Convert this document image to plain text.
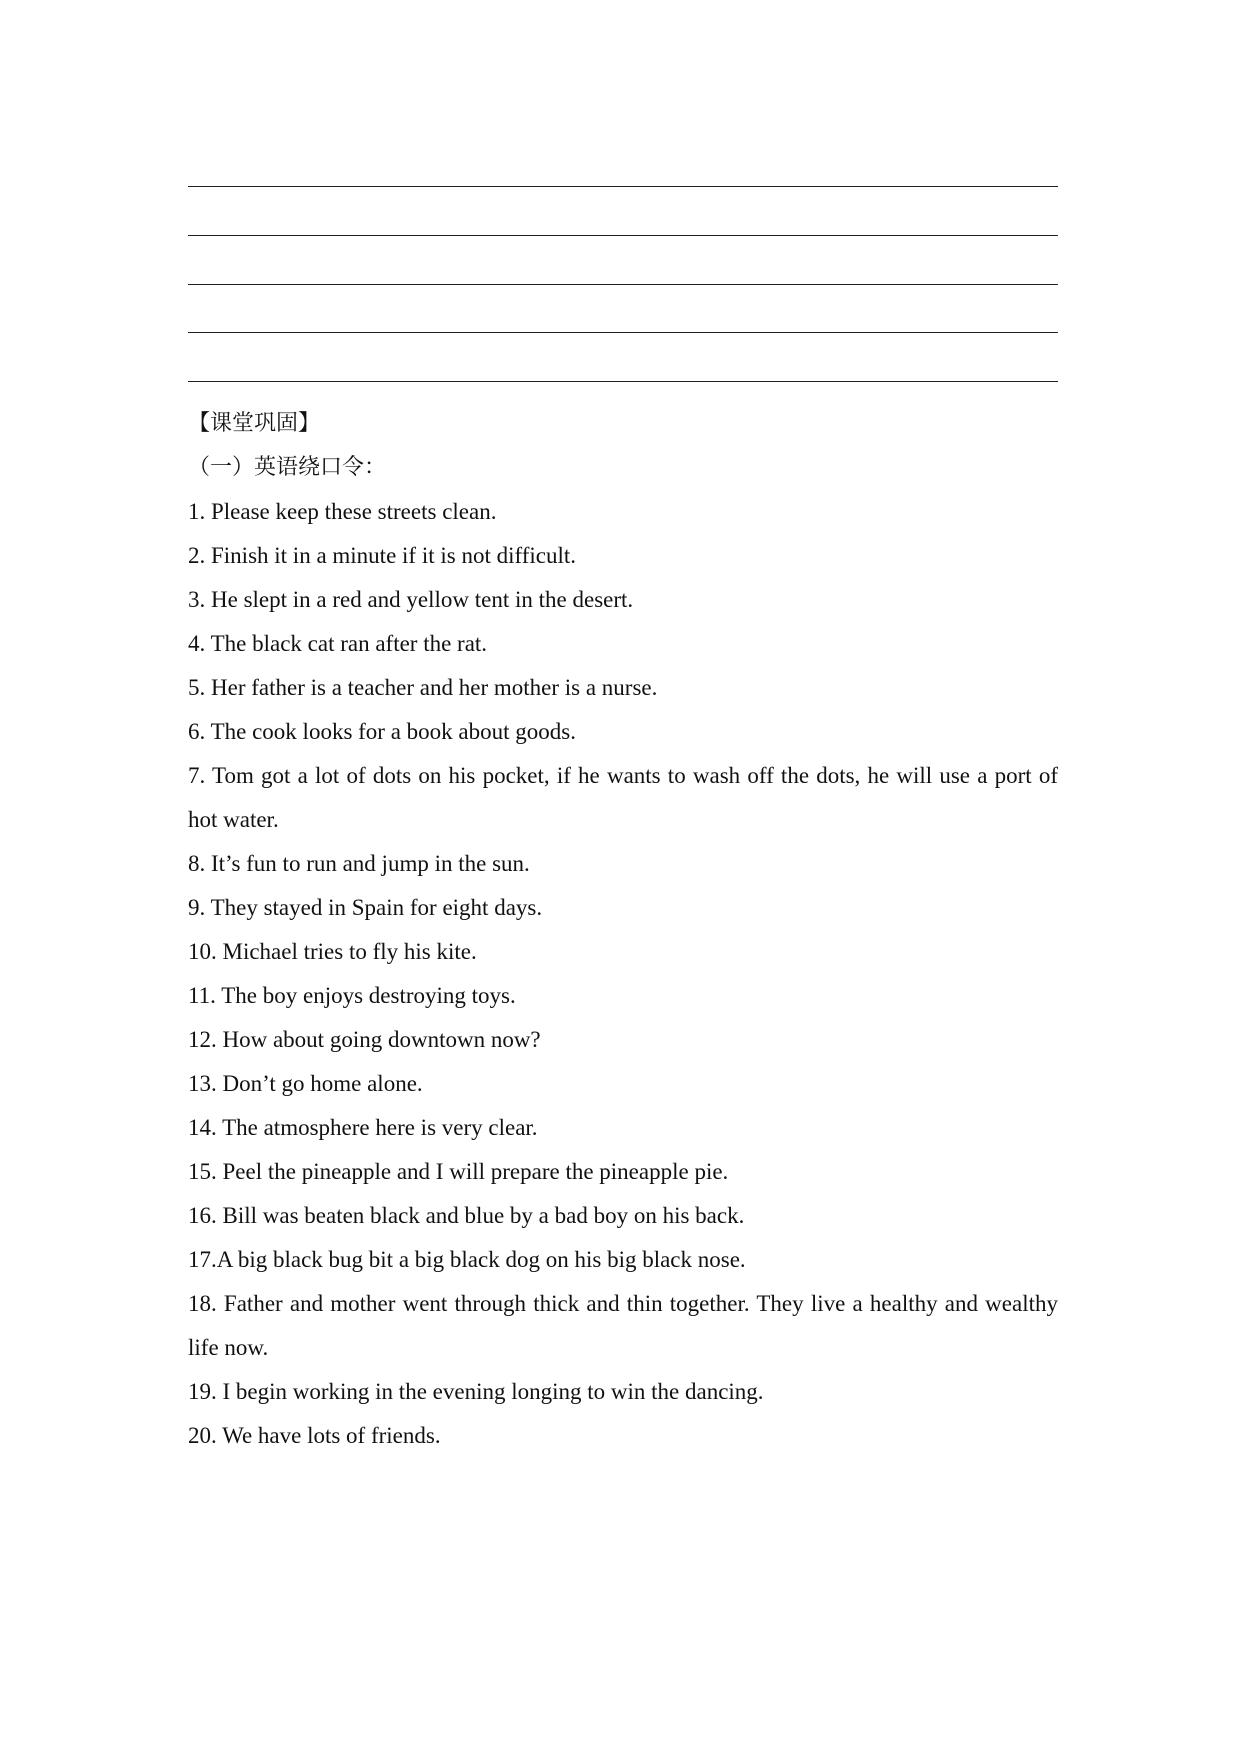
【课堂巩固】
（一）英语绕口令：
1. Please keep these streets clean.
2. Finish it in a minute if it is not difficult.
3. He slept in a red and yellow tent in the desert.
4. The black cat ran after the rat.
5. Her father is a teacher and her mother is a nurse.
6. The cook looks for a book about goods.
7. Tom got a lot of dots on his pocket, if he wants to wash off the dots, he will use a port of hot water.
8. It’s fun to run and jump in the sun.
9. They stayed in Spain for eight days.
10. Michael tries to fly his kite.
11. The boy enjoys destroying toys.
12. How about going downtown now?
13. Don’t go home alone.
14. The atmosphere here is very clear.
15. Peel the pineapple and I will prepare the pineapple pie.
16. Bill was beaten black and blue by a bad boy on his back.
17.A big black bug bit a big black dog on his big black nose.
18. Father and mother went through thick and thin together. They live a healthy and wealthy life now.
19. I begin working in the evening longing to win the dancing.
20. We have lots of friends.
